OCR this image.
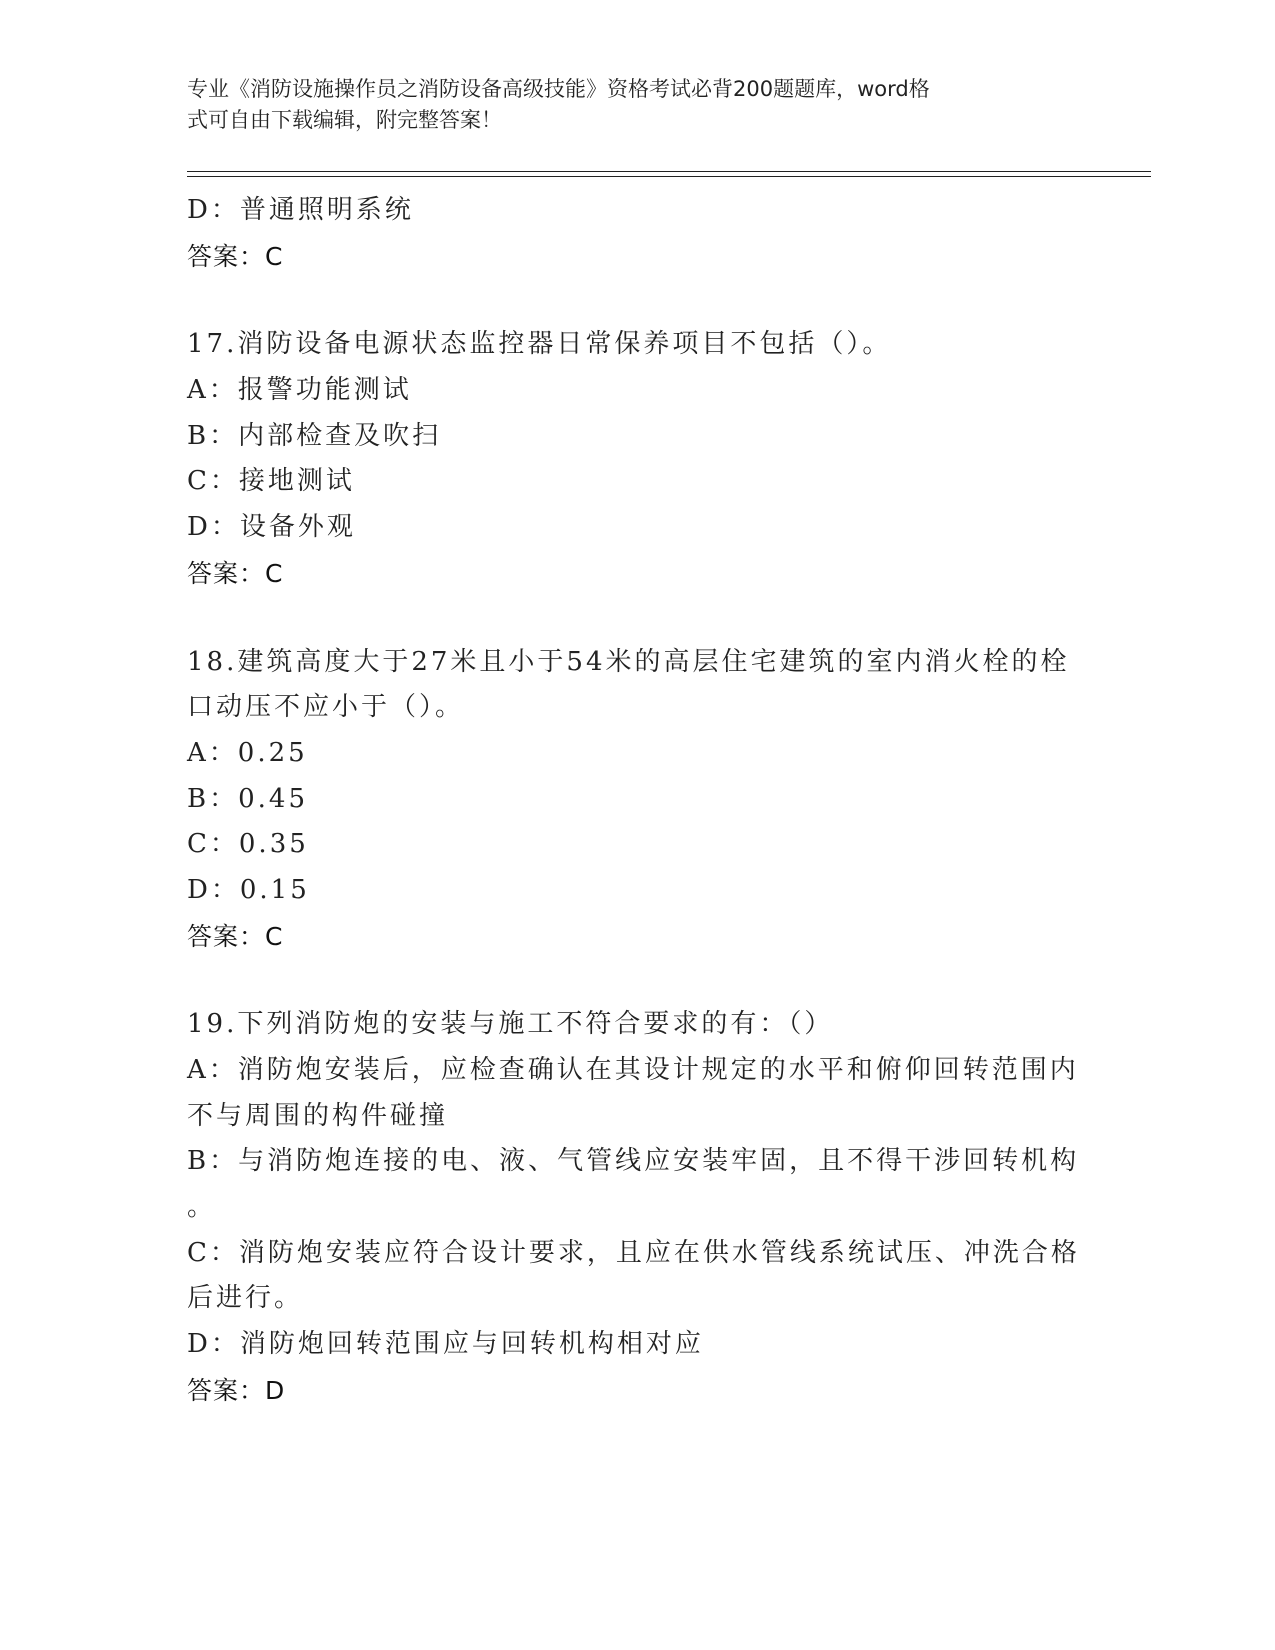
专业《消防设施操作员之消防设备高级技能》资格考试必背200题题库，word格
式可自由下载编辑，附完整答案！
D：普通照明系统
答案：C
17.消防设备电源状态监控器日常保养项目不包括（）。
A：报警功能测试
B：内部检查及吹扫
C：接地测试
D：设备外观
答案：C
18.建筑高度大于27米且小于54米的高层住宅建筑的室内消火栓的栓
口动压不应小于（）。
A：0.25
B：0.45
C：0.35
D：0.15
答案：C
19.下列消防炮的安装与施工不符合要求的有：（）
A：消防炮安装后，应检查确认在其设计规定的水平和俯仰回转范围内
不与周围的构件碰撞
B：与消防炮连接的电、液、气管线应安装牢固，且不得干涉回转机构
。
C：消防炮安装应符合设计要求，且应在供水管线系统试压、冲洗合格
后进行。
D：消防炮回转范围应与回转机构相对应
答案：D
